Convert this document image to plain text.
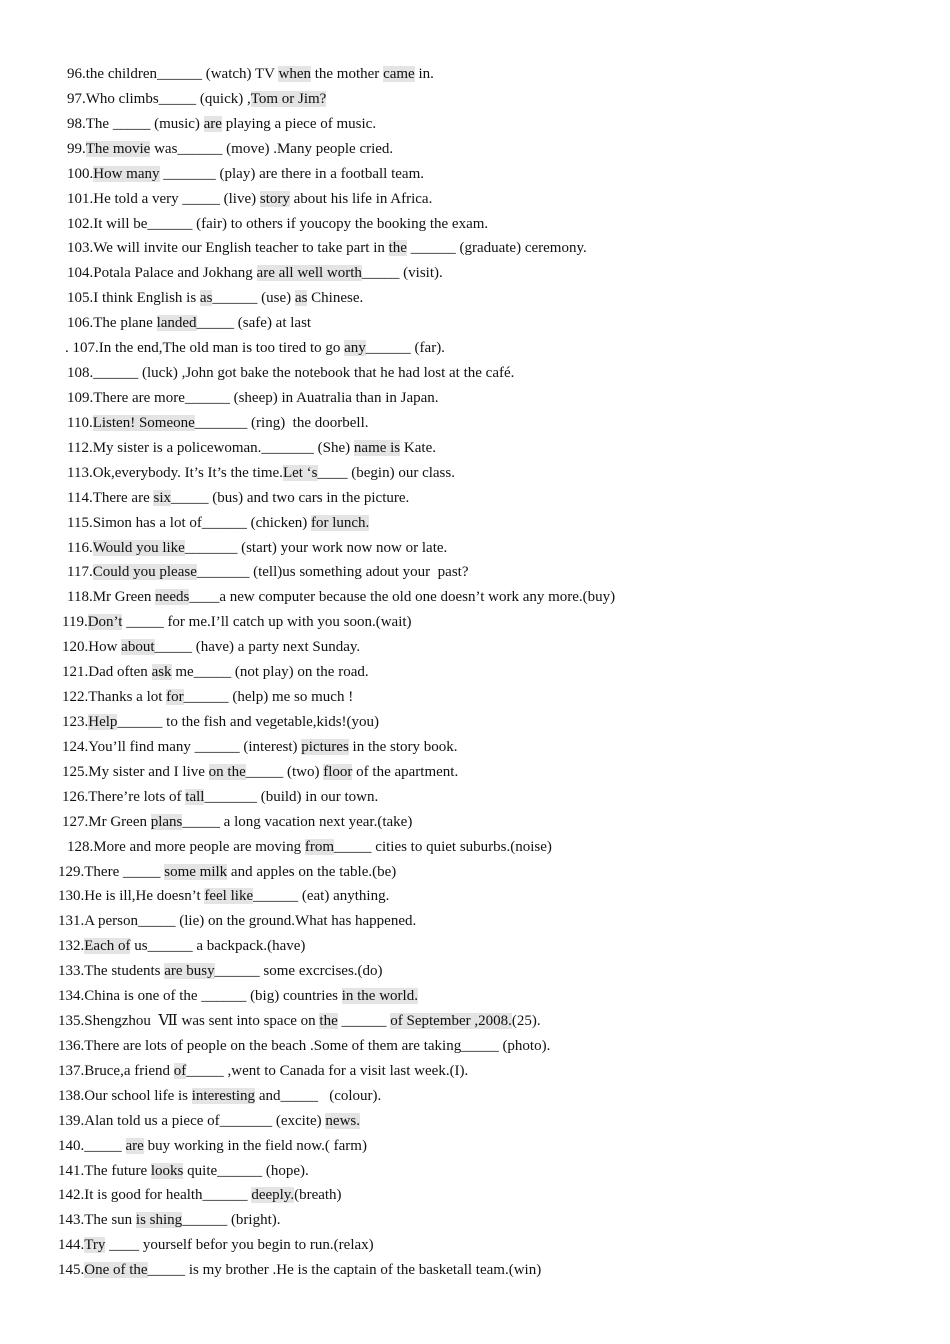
96.the children______ (watch) TV when the mother came in.
97.Who climbs_____ (quick) ,Tom or Jim?
98.The _____ (music) are playing a piece of music.
99.The movie was______ (move) .Many people cried.
100.How many _______ (play) are there in a football team.
101.He told a very _____ (live) story about his life in Africa.
102.It will be______ (fair) to others if youcopy the booking the exam.
103.We will invite our English teacher to take part in the ______ (graduate) ceremony.
104.Potala Palace and Jokhang are all well worth_____ (visit).
105.I think English is as______ (use) as Chinese.
106.The plane landed_____ (safe) at last
. 107.In the end,The old man is too tired to go any______ (far).
108.______ (luck) ,John got bake the notebook that he had lost at the café.
109.There are more______ (sheep) in Auatralia than in Japan.
110.Listen! Someone_______ (ring)  the doorbell.
112.My sister is a policewoman._______ (She) name is Kate.
113.Ok,everybody. It’s It’s the time.Let ‘s____ (begin) our class.
114.There are six_____ (bus) and two cars in the picture.
115.Simon has a lot of______ (chicken) for lunch.
116.Would you like_______ (start) your work now now or late.
117.Could you please_______ (tell)us something adout your  past?
118.Mr Green needs____a new computer because the old one doesn’t work any more.(buy)
119.Don’t _____ for me.I’ll catch up with you soon.(wait)
120.How about_____ (have) a party next Sunday.
121.Dad often ask me_____ (not play) on the road.
122.Thanks a lot for______ (help) me so much !
123.Help______ to the fish and vegetable,kids!(you)
124.You’ll find many ______ (interest) pictures in the story book.
125.My sister and I live on the_____ (two) floor of the apartment.
126.There’re lots of tall_______ (build) in our town.
127.Mr Green plans_____ a long vacation next year.(take)
128.More and more people are moving from_____ cities to quiet suburbs.(noise)
129.There _____ some milk and apples on the table.(be)
130.He is ill,He doesn’t feel like______ (eat) anything.
131.A person_____ (lie) on the ground.What has happened.
132.Each of us______ a backpack.(have)
133.The students are busy______ some excrcises.(do)
134.China is one of the ______ (big) countries in the world.
135.Shengzhou  Ⅶ was sent into space on the ______ of September ,2008.(25).
136.There are lots of people on the beach .Some of them are taking_____ (photo).
137.Bruce,a friend of_____ ,went to Canada for a visit last week.(I).
138.Our school life is interesting and_____   (colour).
139.Alan told us a piece of_______ (excite) news.
140._____ are buy working in the field now.( farm)
141.The future looks quite______ (hope).
142.It is good for health______ deeply.(breath)
143.The sun is shing______ (bright).
144.Try ____ yourself befor you begin to run.(relax)
145.One of the_____ is my brother .He is the captain of the basketall team.(win)
